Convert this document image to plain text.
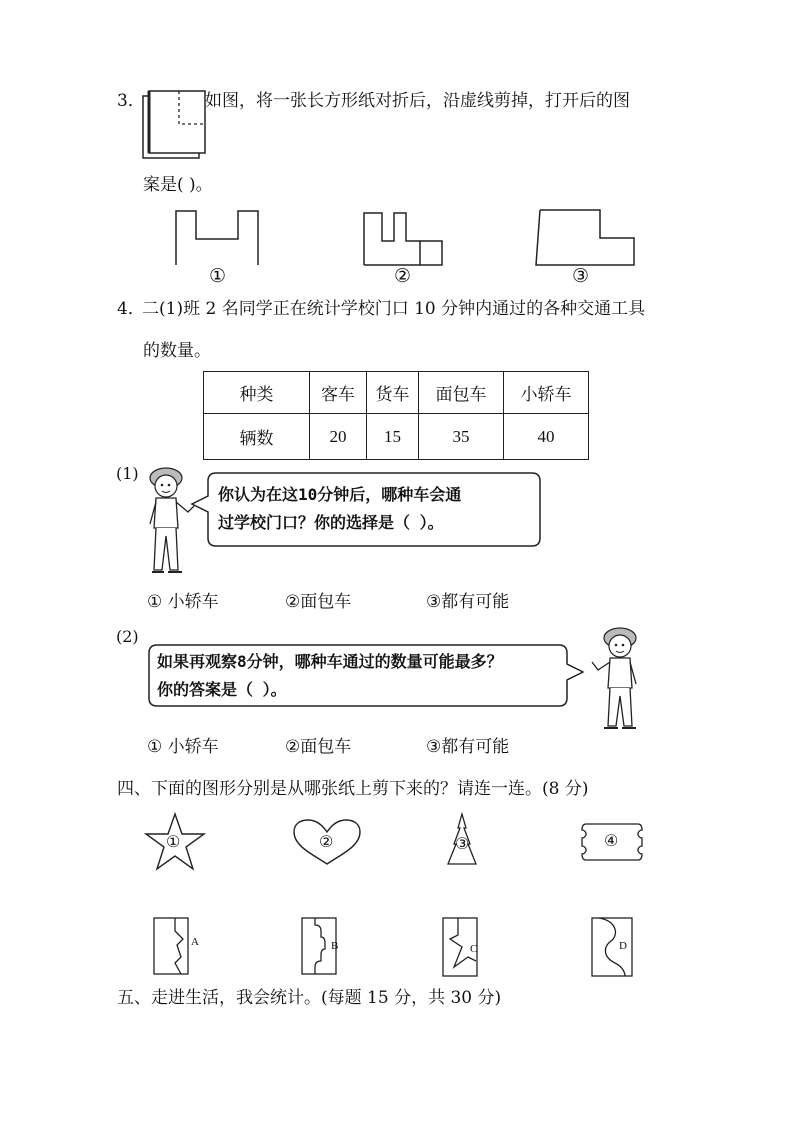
3．	如图，将一张长方形纸对折后，沿虚线剪掉，打开后的图
案是( )。
①	②	③
4．
二(1)班 2 名同学正在统计学校门口 10 分钟内通过的各种交通工具
的数量。
种类	客车	货车	面包车	小轿车
辆数	20	15	35	40
(1)
你认为在这10分钟后，哪种车会通
过学校门口？你的选择是（ ）。
① 小轿车	②面包车	③都有可能
(2)
如果再观察8分钟，哪种车通过的数量可能最多？
你的答案是（ ）。
① 小轿车	②面包车	③都有可能
四、下面的图形分别是从哪张纸上剪下来的？请连一连。(8 分)
①	②	③	④
A	B	C	D
五、走进生活，我会统计。(每题 15 分，共 30 分)
